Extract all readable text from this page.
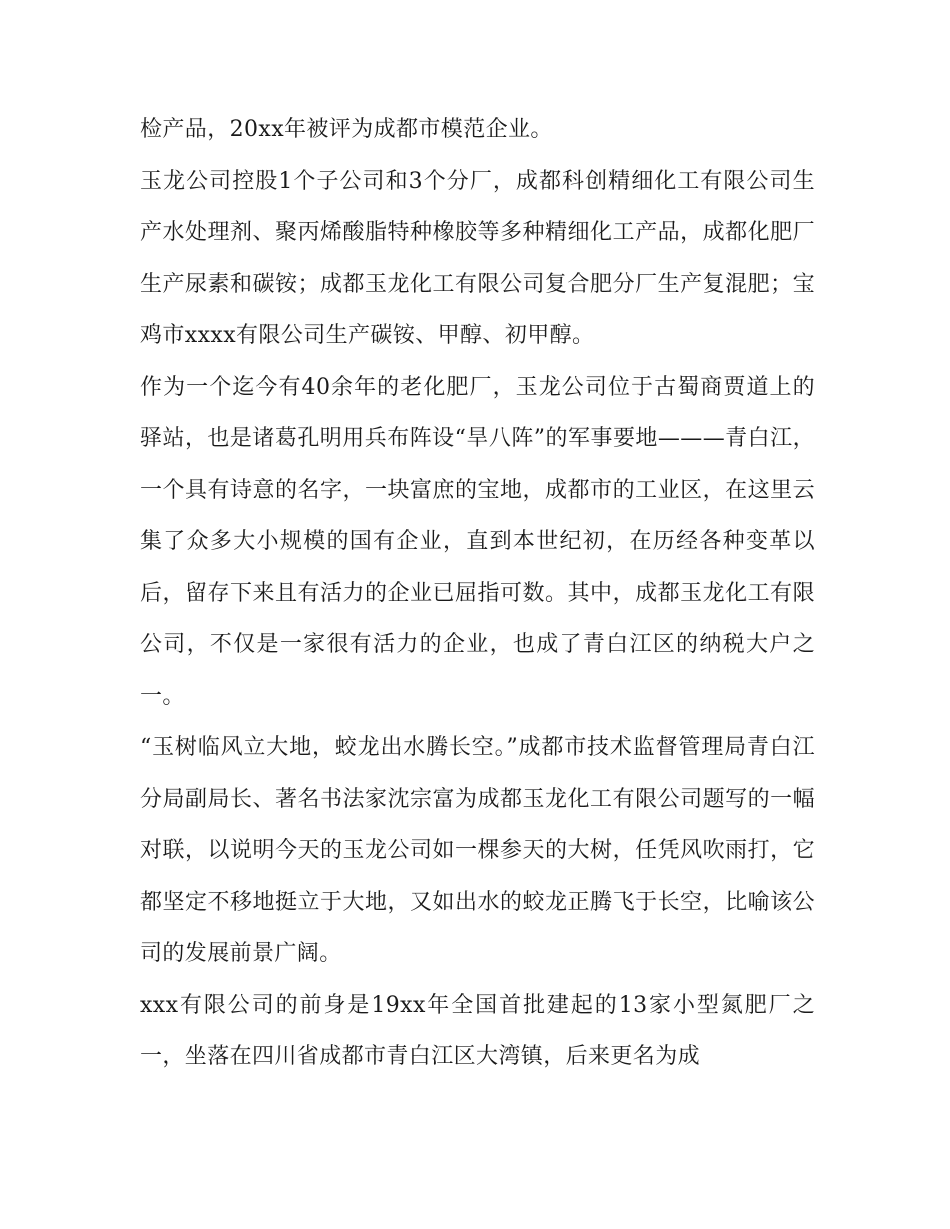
检产品，20xx年被评为成都市模范企业。

玉龙公司控股1个子公司和3个分厂，成都科创精细化工有限公司生产水处理剂、聚丙烯酸脂特种橡胶等多种精细化工产品，成都化肥厂生产尿素和碳铵；成都玉龙化工有限公司复合肥分厂生产复混肥；宝鸡市xxxx有限公司生产碳铵、甲醇、初甲醇。

作为一个迄今有40余年的老化肥厂，玉龙公司位于古蜀商贾道上的驿站，也是诸葛孔明用兵布阵设“旱八阵”的军事要地———青白江，一个具有诗意的名字，一块富庶的宝地，成都市的工业区，在这里云集了众多大小规模的国有企业，直到本世纪初，在历经各种变革以后，留存下来且有活力的企业已屈指可数。其中，成都玉龙化工有限公司，不仅是一家很有活力的企业，也成了青白江区的纳税大户之一。

“玉树临风立大地，蛟龙出水腾长空。”成都市技术监督管理局青白江分局副局长、著名书法家沈宗富为成都玉龙化工有限公司题写的一幅对联，以说明今天的玉龙公司如一棵参天的大树，任凭风吹雨打，它都坚定不移地挺立于大地，又如出水的蛟龙正腾飞于长空，比喻该公司的发展前景广阔。

xxx有限公司的前身是19xx年全国首批建起的13家小型氮肥厂之一，坐落在四川省成都市青白江区大湾镇，后来更名为成
